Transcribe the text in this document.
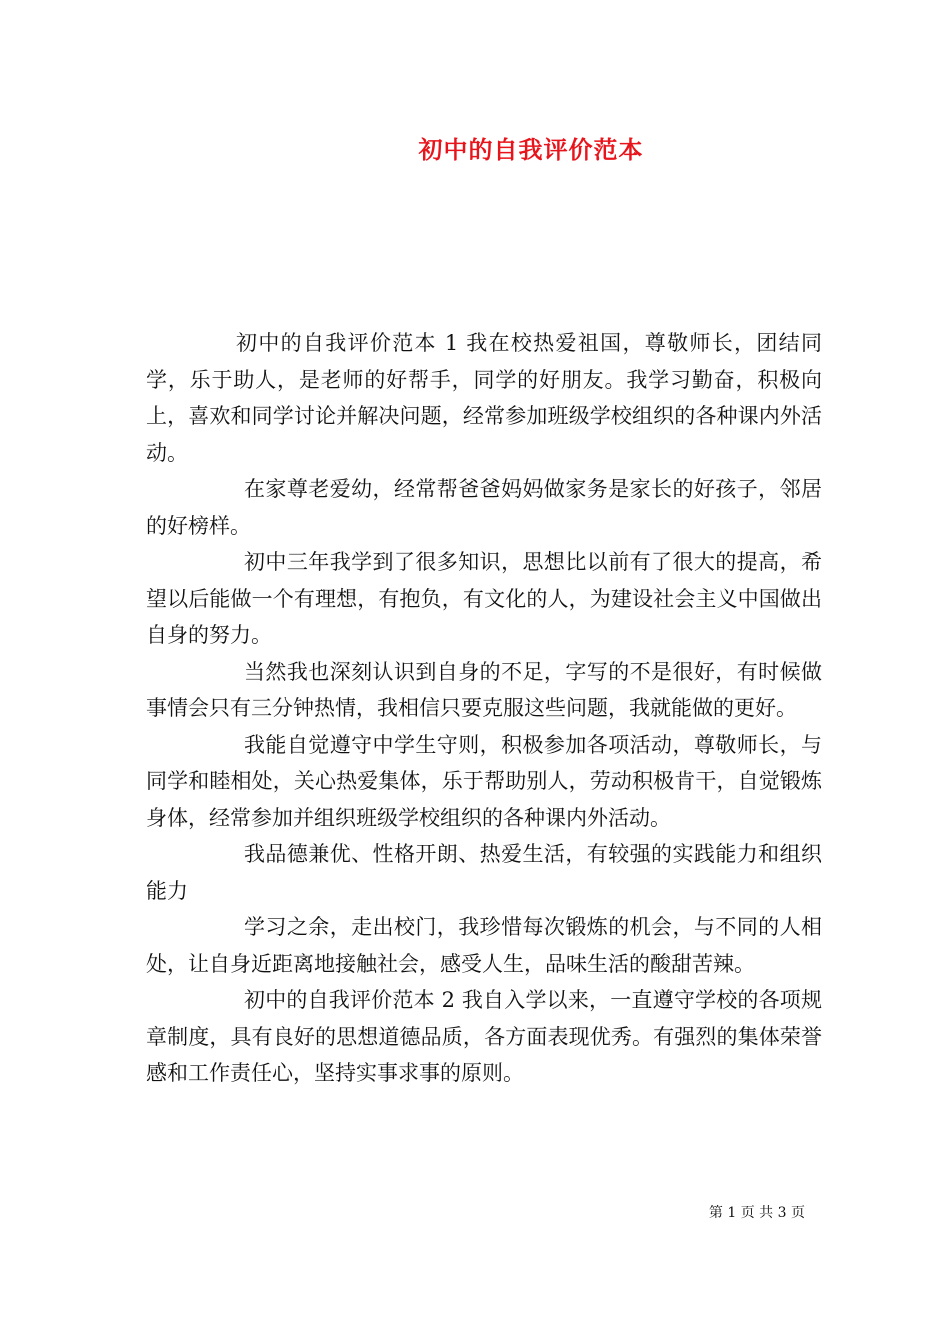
初中的自我评价范本

初中的自我评价范本 1 我在校热爱祖国，尊敬师长，团结同学，乐于助人，是老师的好帮手，同学的好朋友。我学习勤奋，积极向上，喜欢和同学讨论并解决问题，经常参加班级学校组织的各种课内外活动。

在家尊老爱幼，经常帮爸爸妈妈做家务是家长的好孩子，邻居的好榜样。

初中三年我学到了很多知识，思想比以前有了很大的提高，希望以后能做一个有理想，有抱负，有文化的人，为建设社会主义中国做出自身的努力。

当然我也深刻认识到自身的不足，字写的不是很好，有时候做事情会只有三分钟热情，我相信只要克服这些问题，我就能做的更好。

我能自觉遵守中学生守则，积极参加各项活动，尊敬师长，与同学和睦相处，关心热爱集体，乐于帮助别人，劳动积极肯干，自觉锻炼身体，经常参加并组织班级学校组织的各种课内外活动。

我品德兼优、性格开朗、热爱生活，有较强的实践能力和组织能力

学习之余，走出校门，我珍惜每次锻炼的机会，与不同的人相处，让自身近距离地接触社会，感受人生，品味生活的酸甜苦辣。

初中的自我评价范本 2 我自入学以来，一直遵守学校的各项规章制度，具有良好的思想道德品质，各方面表现优秀。有强烈的集体荣誉感和工作责任心，坚持实事求事的原则。

第 1 页 共 3 页
